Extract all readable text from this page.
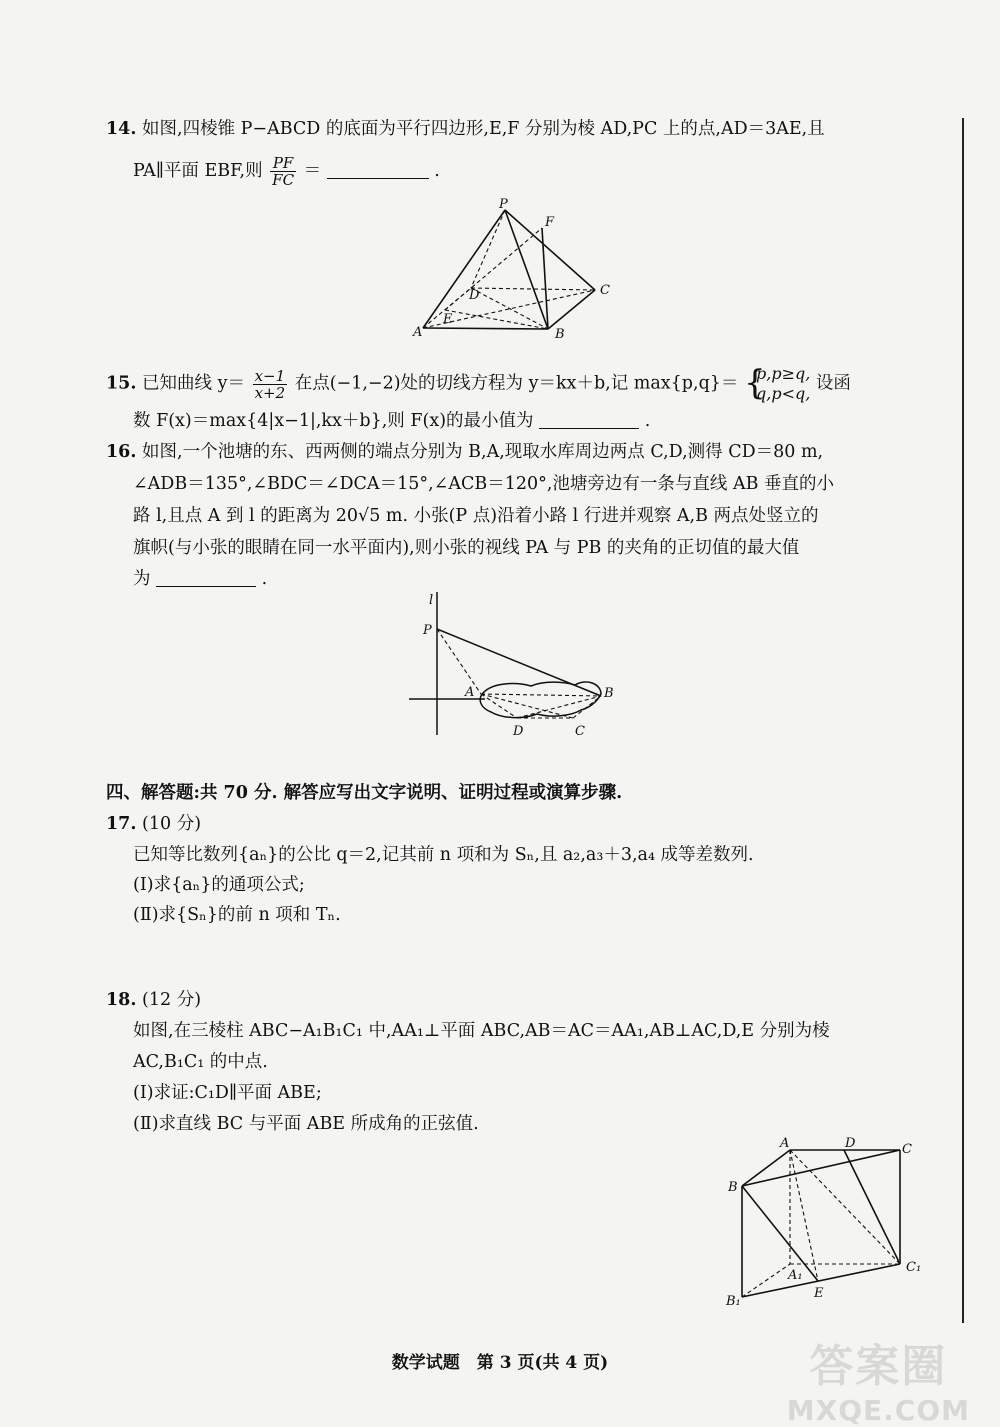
14. 如图,四棱锥 P−ABCD 的底面为平行四边形,E,F 分别为棱 AD,PC 上的点,AD＝3AE,且
PA∥平面 EBF,则 $\frac{PF}{FC}$ ＝	.
P
F
D	C
A
E
B
15. 已知曲线 $y= \frac{x-1}{x+2}$ 在点(−1,−2)处的切线方程为 y＝kx＋b,记 max{p,q}＝ {
p,p≥q,
q,p<q, 设函
数 F(x)＝max{4|x−1|,kx＋b},则 F(x)的最小值为	.
16. 如图,一个池塘的东、西两侧的端点分别为 B,A,现取水库周边两点 C,D,测得 CD＝80 m,
∠ADB＝135°,∠BDC＝∠DCA＝15°,∠ACB＝120°,池塘旁边有一条与直线 AB 垂直的小
路 l,且点 A 到 l 的距离为 20√5 m. 小张(P 点)沿着小路 l 行进并观察 A,B 两点处竖立的
旗帜(与小张的眼睛在同一水平面内),则小张的视线 PA 与 PB 的夹角的正切值的最大值
为	.
l
P
A	B
D	C
四、解答题:共 70 分. 解答应写出文字说明、证明过程或演算步骤.
17. (10 分)
已知等比数列{aₙ}的公比 q＝2,记其前 n 项和为 Sₙ,且 a₂,a₃＋3,a₄ 成等差数列.
(Ⅰ)求{aₙ}的通项公式;
(Ⅱ)求{Sₙ}的前 n 项和 Tₙ.
18. (12 分)
如图,在三棱柱 ABC−A₁B₁C₁ 中,AA₁⊥平面 ABC,AB＝AC＝AA₁,AB⊥AC,D,E 分别为棱
AC,B₁C₁ 的中点.
(Ⅰ)求证:C₁D∥平面 ABE;
(Ⅱ)求直线 BC 与平面 ABE 所成角的正弦值.
A	D	C
B
A₁
C₁
B₁
E
数学试题　第 3 页(共 4 页)	答案圈
MXQE.COM
